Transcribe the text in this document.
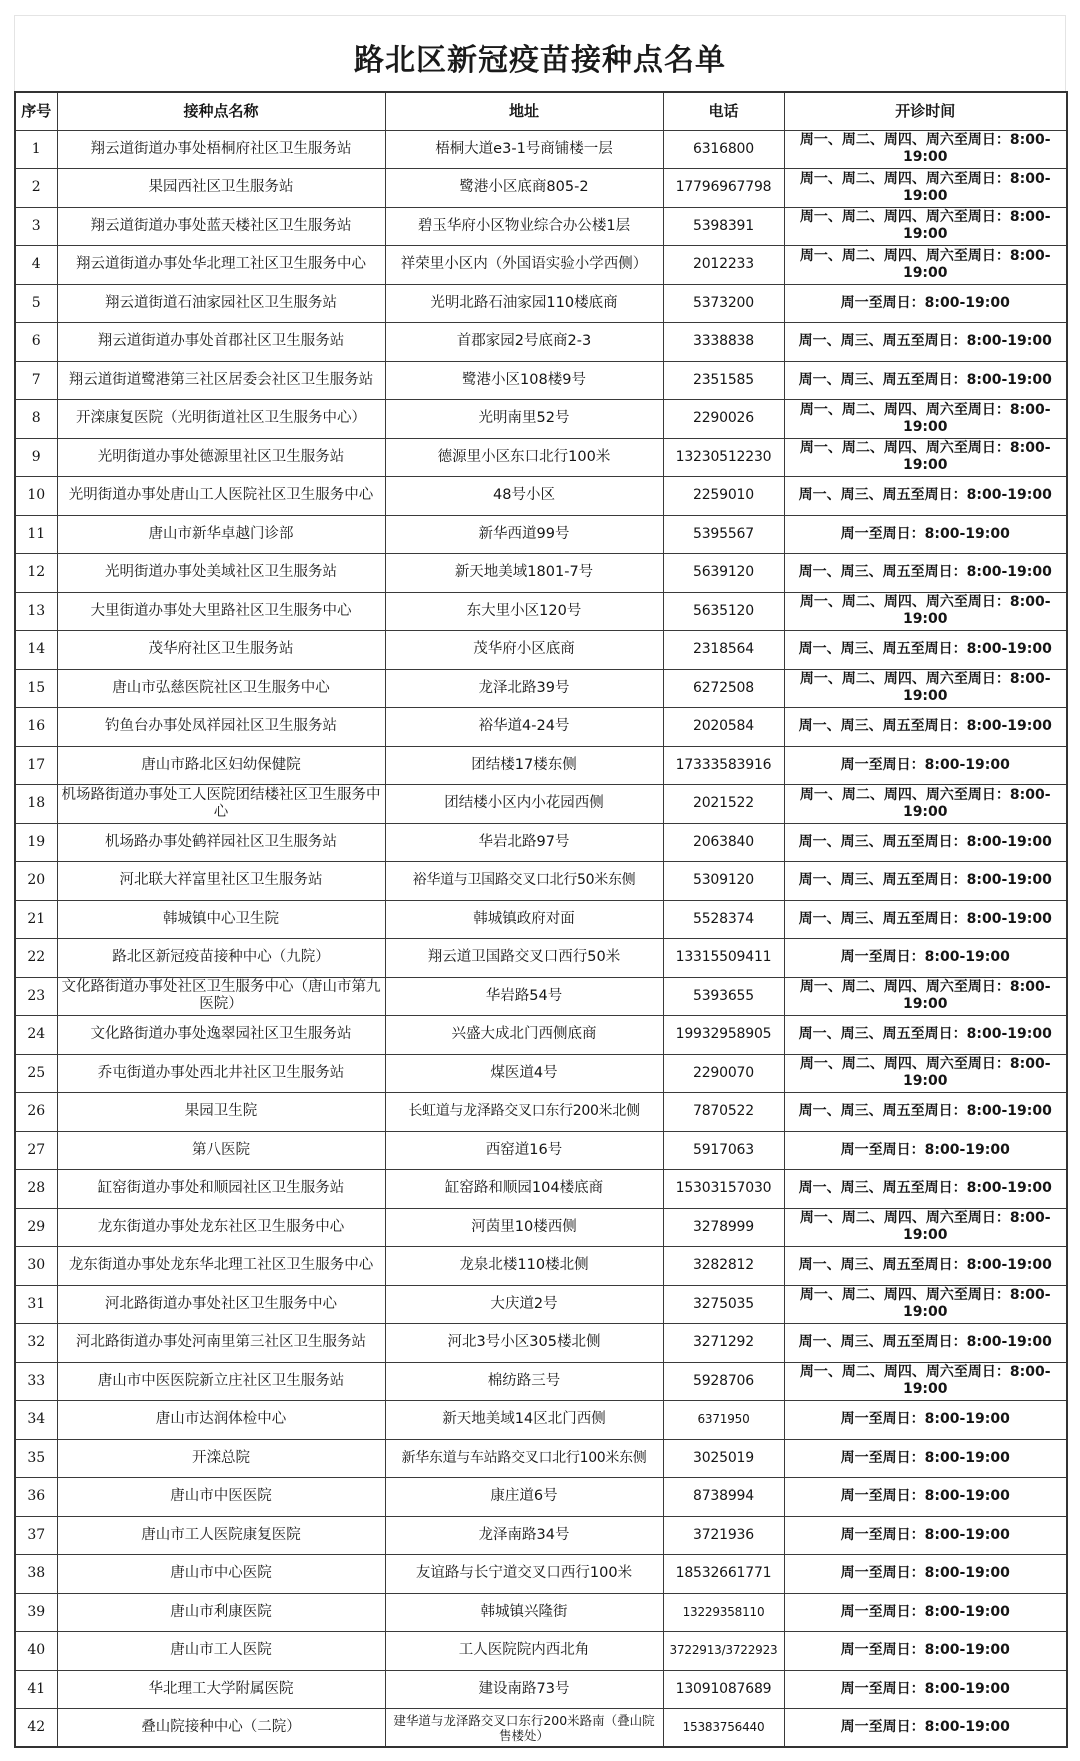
路北区新冠疫苗接种点名单
序号	接种点名称	地址	电话	开诊时间
1	翔云道街道办事处梧桐府社区卫生服务站	梧桐大道e3-1号商铺楼一层	6316800	周一、周二、周四、周六至周日：8:00-19:00
2	果园西社区卫生服务站	鹭港小区底商805-2	17796967798	周一、周二、周四、周六至周日：8:00-19:00
3	翔云道街道办事处蓝天楼社区卫生服务站	碧玉华府小区物业综合办公楼1层	5398391	周一、周二、周四、周六至周日：8:00-19:00
4	翔云道街道办事处华北理工社区卫生服务中心	祥荣里小区内（外国语实验小学西侧）	2012233	周一、周二、周四、周六至周日：8:00-19:00
5	翔云道街道石油家园社区卫生服务站	光明北路石油家园110楼底商	5373200	周一至周日：8:00-19:00
6	翔云道街道办事处首郡社区卫生服务站	首郡家园2号底商2-3	3338838	周一、周三、周五至周日：8:00-19:00
7	翔云道街道鹭港第三社区居委会社区卫生服务站	鹭港小区108楼9号	2351585	周一、周三、周五至周日：8:00-19:00
8	开滦康复医院（光明街道社区卫生服务中心）	光明南里52号	2290026	周一、周二、周四、周六至周日：8:00-19:00
9	光明街道办事处德源里社区卫生服务站	德源里小区东口北行100米	13230512230	周一、周二、周四、周六至周日：8:00-19:00
10	光明街道办事处唐山工人医院社区卫生服务中心	48号小区	2259010	周一、周三、周五至周日：8:00-19:00
11	唐山市新华卓越门诊部	新华西道99号	5395567	周一至周日：8:00-19:00
12	光明街道办事处美域社区卫生服务站	新天地美域1801-7号	5639120	周一、周三、周五至周日：8:00-19:00
13	大里街道办事处大里路社区卫生服务中心	东大里小区120号	5635120	周一、周二、周四、周六至周日：8:00-19:00
14	茂华府社区卫生服务站	茂华府小区底商	2318564	周一、周三、周五至周日：8:00-19:00
15	唐山市弘慈医院社区卫生服务中心	龙泽北路39号	6272508	周一、周二、周四、周六至周日：8:00-19:00
16	钓鱼台办事处凤祥园社区卫生服务站	裕华道4-24号	2020584	周一、周三、周五至周日：8:00-19:00
17	唐山市路北区妇幼保健院	团结楼17楼东侧	17333583916	周一至周日：8:00-19:00
18	机场路街道办事处工人医院团结楼社区卫生服务中心	团结楼小区内小花园西侧	2021522	周一、周二、周四、周六至周日：8:00-19:00
19	机场路办事处鹤祥园社区卫生服务站	华岩北路97号	2063840	周一、周三、周五至周日：8:00-19:00
20	河北联大祥富里社区卫生服务站	裕华道与卫国路交叉口北行50米东侧	5309120	周一、周三、周五至周日：8:00-19:00
21	韩城镇中心卫生院	韩城镇政府对面	5528374	周一、周三、周五至周日：8:00-19:00
22	路北区新冠疫苗接种中心（九院）	翔云道卫国路交叉口西行50米	13315509411	周一至周日：8:00-19:00
23	文化路街道办事处社区卫生服务中心（唐山市第九医院）	华岩路54号	5393655	周一、周二、周四、周六至周日：8:00-19:00
24	文化路街道办事处逸翠园社区卫生服务站	兴盛大成北门西侧底商	19932958905	周一、周三、周五至周日：8:00-19:00
25	乔屯街道办事处西北井社区卫生服务站	煤医道4号	2290070	周一、周二、周四、周六至周日：8:00-19:00
26	果园卫生院	长虹道与龙泽路交叉口东行200米北侧	7870522	周一、周三、周五至周日：8:00-19:00
27	第八医院	西窑道16号	5917063	周一至周日：8:00-19:00
28	缸窑街道办事处和顺园社区卫生服务站	缸窑路和顺园104楼底商	15303157030	周一、周三、周五至周日：8:00-19:00
29	龙东街道办事处龙东社区卫生服务中心	河茵里10楼西侧	3278999	周一、周二、周四、周六至周日：8:00-19:00
30	龙东街道办事处龙东华北理工社区卫生服务中心	龙泉北楼110楼北侧	3282812	周一、周三、周五至周日：8:00-19:00
31	河北路街道办事处社区卫生服务中心	大庆道2号	3275035	周一、周二、周四、周六至周日：8:00-19:00
32	河北路街道办事处河南里第三社区卫生服务站	河北3号小区305楼北侧	3271292	周一、周三、周五至周日：8:00-19:00
33	唐山市中医医院新立庄社区卫生服务站	棉纺路三号	5928706	周一、周二、周四、周六至周日：8:00-19:00
34	唐山市达润体检中心	新天地美域14区北门西侧	6371950	周一至周日：8:00-19:00
35	开滦总院	新华东道与车站路交叉口北行100米东侧	3025019	周一至周日：8:00-19:00
36	唐山市中医医院	康庄道6号	8738994	周一至周日：8:00-19:00
37	唐山市工人医院康复医院	龙泽南路34号	3721936	周一至周日：8:00-19:00
38	唐山市中心医院	友谊路与长宁道交叉口西行100米	18532661771	周一至周日：8:00-19:00
39	唐山市利康医院	韩城镇兴隆街	13229358110	周一至周日：8:00-19:00
40	唐山市工人医院	工人医院院内西北角	3722913/3722923	周一至周日：8:00-19:00
41	华北理工大学附属医院	建设南路73号	13091087689	周一至周日：8:00-19:00
42	叠山院接种中心（二院）	建华道与龙泽路交叉口东行200米路南（叠山院售楼处）	15383756440	周一至周日：8:00-19:00
